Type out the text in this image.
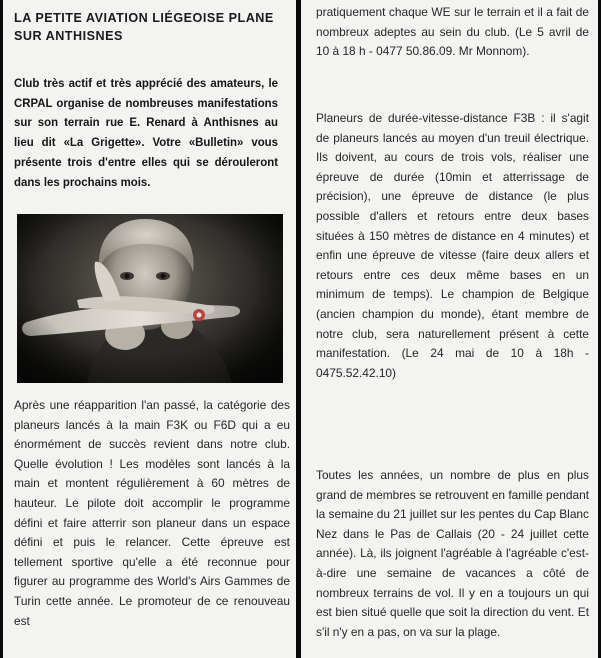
LA PETITE AVIATION LIÉGEOISE PLANE SUR ANTHISNES

Club très actif et très apprécié des amateurs, le CRPAL organise de nombreuses manifestations sur son terrain rue E. Renard à Anthisnes au lieu dit «La Grigette». Votre «Bulletin» vous présente trois d'entre elles qui se dérouleront dans les prochains mois.

Après une réapparition l'an passé, la catégorie des planeurs lancés à la main F3K ou F6D qui a eu énormément de succès revient dans notre club. Quelle évolution ! Les modèles sont lancés à la main et montent régulièrement à 60 mètres de hauteur. Le pilote doit accomplir le programme défini et faire atterrir son planeur dans un espace défini et puis le relancer. Cette épreuve est tellement sportive qu'elle a été reconnue pour figurer au programme des World's Airs Gammes de Turin cette année. Le promoteur de ce renouveau est

pratiquement chaque WE sur le terrain et il a fait de nombreux adeptes au sein du club. (Le 5 avril de 10 à 18 h - 0477 50.86.09. Mr Monnom).

Planeurs de durée-vitesse-distance F3B : il s'agit de planeurs lancés au moyen d'un treuil électrique. Ils doivent, au cours de trois vols, réaliser une épreuve de durée (10min et atterrissage de précision), une épreuve de distance (le plus possible d'allers et retours entre deux bases situées à 150 mètres de distance en 4 minutes) et enfin une épreuve de vitesse (faire deux allers et retours entre ces deux même bases en un minimum de temps). Le champion de Belgique (ancien champion du monde), étant membre de notre club, sera naturellement présent à cette manifestation. (Le 24 mai de 10 à 18h - 0475.52.42.10)

Toutes les années, un nombre de plus en plus grand de membres se retrouvent en famille pendant la semaine du 21 juillet sur les pentes du Cap Blanc Nez dans le Pas de Callais (20 - 24 juillet cette année). Là, ils joignent l'agréable à l'agréable c'est-à-dire une semaine de vacances a côté de nombreux terrains de vol. Il y en a toujours un qui est bien situé quelle que soit la direction du vent. Et s'il n'y en a pas, on va sur la plage.
